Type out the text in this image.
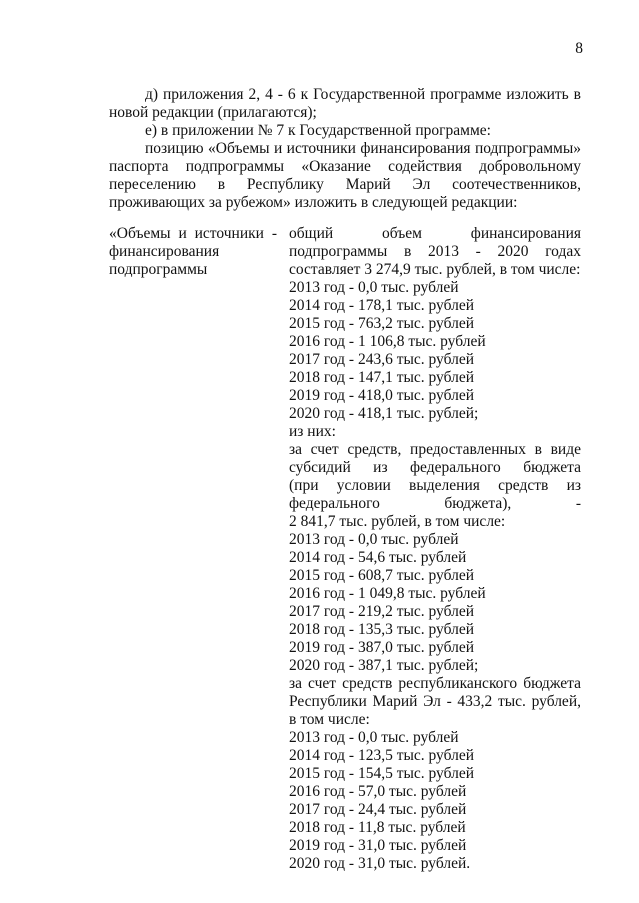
8

д) приложения 2, 4 - 6 к Государственной программе изложить в новой редакции (прилагаются);

е) в приложении № 7 к Государственной программе:

позицию «Объемы и источники финансирования подпрограммы» паспорта подпрограммы «Оказание содействия добровольному переселению в Республику Марий Эл соотечественников, проживающих за рубежом» изложить в следующей редакции:

«Объемы и источники -
финансирования
подпрограммы
общий объем финансирования
подпрограммы в 2013 - 2020 годах
составляет 3 274,9 тыс. рублей, в том числе:
2013 год - 0,0 тыс. рублей
2014 год - 178,1 тыс. рублей
2015 год - 763,2 тыс. рублей
2016 год - 1 106,8 тыс. рублей
2017 год - 243,6 тыс. рублей
2018 год - 147,1 тыс. рублей
2019 год - 418,0 тыс. рублей
2020 год - 418,1 тыс. рублей;
из них:
за счет средств, предоставленных в виде
субсидий из федерального бюджета
(при условии выделения средств из
федерального бюджета), -
2 841,7 тыс. рублей, в том числе:
2013 год - 0,0 тыс. рублей
2014 год - 54,6 тыс. рублей
2015 год - 608,7 тыс. рублей
2016 год - 1 049,8 тыс. рублей
2017 год - 219,2 тыс. рублей
2018 год - 135,3 тыс. рублей
2019 год - 387,0 тыс. рублей
2020 год - 387,1 тыс. рублей;
за счет средств республиканского бюджета
Республики Марий Эл - 433,2 тыс. рублей,
в том числе:
2013 год - 0,0 тыс. рублей
2014 год - 123,5 тыс. рублей
2015 год - 154,5 тыс. рублей
2016 год - 57,0 тыс. рублей
2017 год - 24,4 тыс. рублей
2018 год - 11,8 тыс. рублей
2019 год - 31,0 тыс. рублей
2020 год - 31,0 тыс. рублей.
